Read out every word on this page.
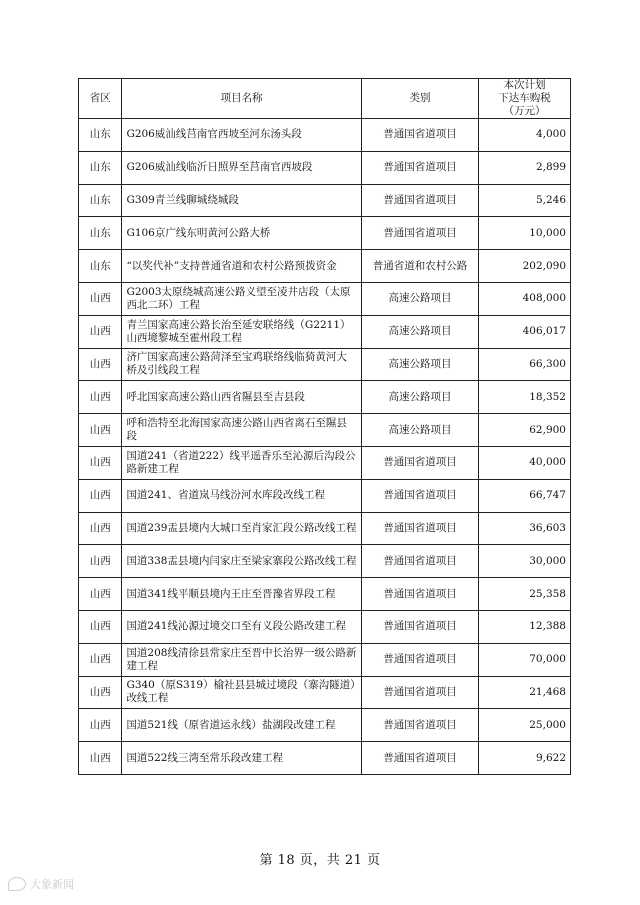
省区	项目名称	类别	本次计划
下达车购税
（万元）
山东	G206威汕线莒南官西坡至河东汤头段	普通国省道项目	4,000
山东	G206威汕线临沂日照界至莒南官西坡段	普通国省道项目	2,899
山东	G309青兰线聊城绕城段	普通国省道项目	5,246
山东	G106京广线东明黄河公路大桥	普通国省道项目	10,000
山东	“以奖代补”支持普通省道和农村公路预拨资金	普通省道和农村公路	202,090
山西	G2003太原绕城高速公路义望至凌井店段（太原西北二环）工程	高速公路项目	408,000
山西	青兰国家高速公路长治至延安联络线（G2211）山西境黎城至霍州段工程	高速公路项目	406,017
山西	济广国家高速公路菏泽至宝鸡联络线临猗黄河大桥及引线段工程	高速公路项目	66,300
山西	呼北国家高速公路山西省隰县至吉县段	高速公路项目	18,352
山西	呼和浩特至北海国家高速公路山西省离石至隰县段	高速公路项目	62,900
山西	国道241（省道222）线平遥香乐至沁源后沟段公路新建工程	普通国省道项目	40,000
山西	国道241、省道岚马线汾河水库段改线工程	普通国省道项目	66,747
山西	国道239盂县境内大城口至肖家汇段公路改线工程	普通国省道项目	36,603
山西	国道338盂县境内闫家庄至梁家寨段公路改线工程	普通国省道项目	30,000
山西	国道341线平顺县境内王庄至晋豫省界段工程	普通国省道项目	25,358
山西	国道241线沁源过境交口至有义段公路改建工程	普通国省道项目	12,388
山西	国道208线清徐县常家庄至晋中长治界一级公路新建工程	普通国省道项目	70,000
山西	G340（原S319）榆社县县城过境段（寨沟隧道）改线工程	普通国省道项目	21,468
山西	国道521线（原省道运永线）盐湖段改建工程	普通国省道项目	25,000
山西	国道522线三湾至常乐段改建工程	普通国省道项目	9,622
第 18 页，共 21 页
大象新闻
